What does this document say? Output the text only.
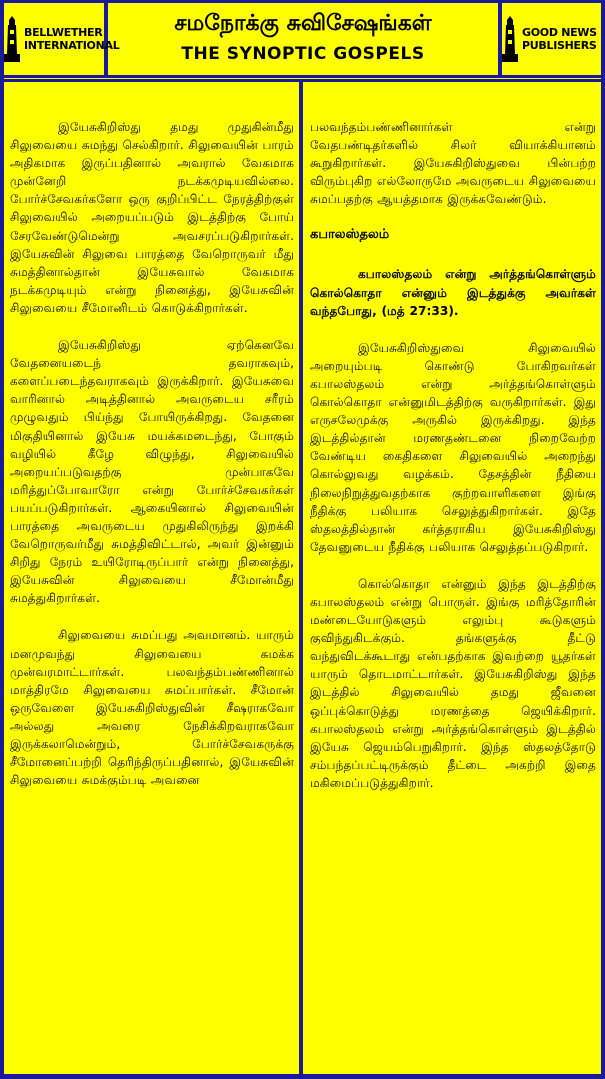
BELLWETHER
INTERNATIONAL
சமநோக்கு சுவிசேஷங்கள்
THE SYNOPTIC GOSPELS
GOOD NEWS
PUBLISHERS

இயேசுகிறிஸ்து தமது முதுகின்மீது சிலுவையை சுமந்து செல்கிறார். சிலுவையின் பாரம் அதிகமாக இருப்பதினால் அவரால் வேகமாக முன்னேறி நடக்கமுடியவில்லை. போர்ச்சேவகர்களோ ஒரு குறிப்பிட்ட நேரத்திற்குள் சிலுவையில் அறையப்படும் இடத்திற்கு போய் சேரவேண்டுமென்று அவசரப்படுகிறார்கள். இயேசுவின் சிலுவை பாரத்தை வேறொருவர் மீது சுமத்தினால்தான் இயேசுவால் வேகமாக நடக்கமுடியும் என்று நினைத்து, இயேசுவின் சிலுவையை சீமோனிடம் கொடுக்கிறார்கள்.

இயேசுகிறிஸ்து ஏற்கெனவே வேதனையடைந் தவராகவும், களைப்படைந்தவராகவும் இருக்கிறார். இயேசுவை வாரினால் அடித்தினால் அவருடைய சரீரம் முழுவதும் பிய்ந்து போயிருக்கிறது. வேதனை மிகுதியினால் இயேசு மயக்கமடைந்து, போகும் வழியில் கீழே விழுந்து, சிலுவையில் அறையப்படுவதற்கு முன்பாகவே மரித்துப்போவாரோ என்று போர்ச்சேவகர்கள் பயப்படுகிறார்கள். ஆகையினால் சிலுவையின் பாரத்தை அவருடைய முதுகிலிருந்து இறக்கி வேறொருவர்மீது சுமத்திவிட்டால், அவர் இன்னும் சிறிது நேரம் உயிரோடிருப்பார் என்று நினைத்து, இயேசுவின் சிலுவையை சீமோன்மீது சுமத்துகிறார்கள்.

சிலுவையை சுமப்பது அவமானம். யாரும் மனமுவந்து சிலுவையை சுமக்க முன்வரமாட்டார்கள். பலவந்தம்பண்ணினால் மாத்திரமே சிலுவையை சுமப்பார்கள். சீமோன் ஒருவேளை இயேசுகிறிஸ்துவின் சீஷராகவோ அல்லது அவரை நேசிக்கிறவராகவோ இருக்கலாமென்றும், போர்ச்சேவகருக்கு சீமோனைப்பற்றி தெரிந்திருப்பதினால், இயேசுவின் சிலுவையை சுமக்கும்படி அவனை

பலவந்தம்பண்ணினார்கள் என்று வேதபண்டிதர்களில் சிலர் வியாக்கியானம் கூறுகிறார்கள். இயேசுகிறிஸ்துவை பின்பற்ற விரும்புகிற எல்லோருமே அவருடைய சிலுவையை சுமப்பதற்கு ஆயத்தமாக இருக்கவேண்டும்.

கபாலஸ்தலம்

கபாலஸ்தலம் என்று அர்த்தங்கொள்ளும் கொல்கொதா என்னும் இடத்துக்கு அவர்கள் வந்தபோது, (மத் 27:33).

இயேசுகிறிஸ்துவை சிலுவையில் அறையும்படி கொண்டு போகிறவர்கள் கபாலஸ்தலம் என்று அர்த்தங்கொள்ளும் கொல்கொதா என்னுமிடத்திற்கு வருகிறார்கள். இது எருசலேமுக்கு அருகில் இருக்கிறது. இந்த இடத்தில்தான் மரணதண்டனை நிறைவேற்ற வேண்டிய கைதிகளை சிலுவையில் அறைந்து கொல்லுவது வழக்கம். தேசத்தின் நீதியை நிலைநிறுத்துவதற்காக குற்றவாளிகளை இங்கு நீதிக்கு பலியாக செலுத்துகிறார்கள். இதே ஸ்தலத்தில்தான் கர்த்தராகிய இயேசுகிறிஸ்து தேவனுடைய நீதிக்கு பலியாக செலுத்தப்படுகிறார்.

கொல்கொதா என்னும் இந்த இடத்திற்கு கபாலஸ்தலம் என்று பொருள். இங்கு மரித்தோரின் மண்டையோடுகளும் எலும்பு கூடுகளும் குவிந்துகிடக்கும். தங்களுக்கு தீட்டு வந்துவிடக்கூடாது என்பதற்காக இவற்றை யூதர்கள் யாரும் தொடமாட்டார்கள். இயேசுகிறிஸ்து இந்த இடத்தில் சிலுவையில் தமது ஜீவனை ஒப்புக்கொடுத்து மரணத்தை ஜெயிக்கிறார். கபாலஸ்தலம் என்று அர்த்தங்கொள்ளும் இடத்தில் இயேசு ஜெயம்பெறுகிறார். இந்த ஸ்தலத்தோடு சம்பந்தப்பட்டிருக்கும் தீட்டை அகற்றி இதை மகிமைப்படுத்துகிறார்.
